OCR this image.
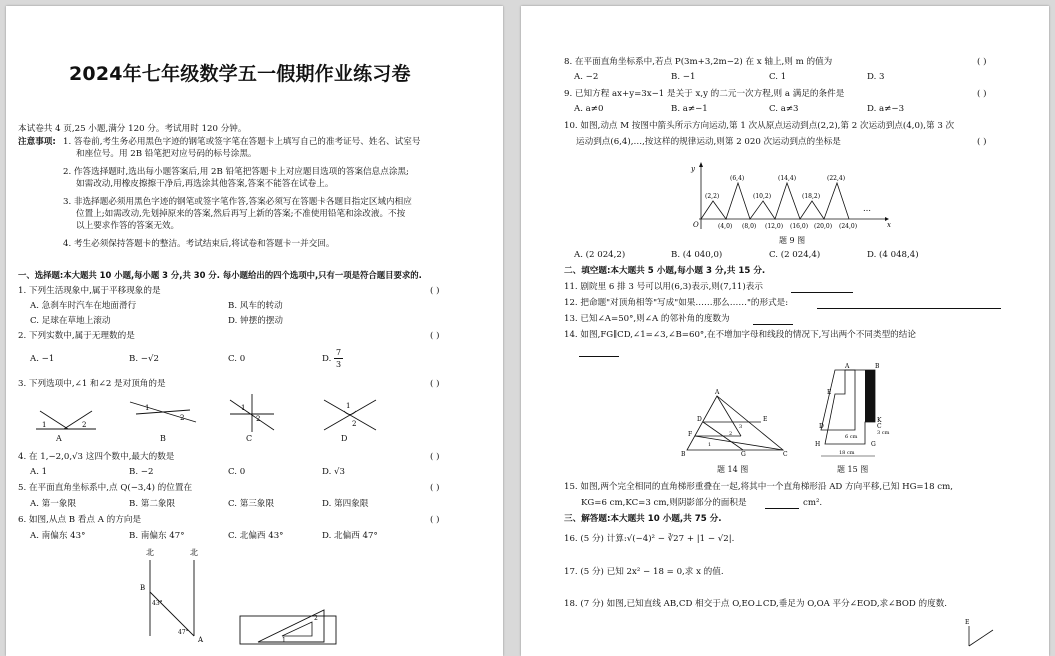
2024年七年级数学五一假期作业练习卷
本试卷共 4 页,25 小题,满分 120 分。考试用时 120 分钟。
注意事项: 1. 答卷前,考生务必用黑色字迹的钢笔或签字笔在答题卡上填写自己的准考证号、姓名、试室号
和座位号。用 2B 铅笔把对应号码的标号涂黑。
2. 作答选择题时,选出每小题答案后,用 2B 铅笔把答题卡上对应题目选项的答案信息点涂黑;
如需改动,用橡皮擦擦干净后,再选涂其他答案,答案不能答在试卷上。
3. 非选择题必须用黑色字迹的钢笔或签字笔作答,答案必须写在答题卡各题目指定区域内相应
位置上;如需改动,先划掉原来的答案,然后再写上新的答案;不准使用铅笔和涂改液。不按
以上要求作答的答案无效。
4. 考生必须保持答题卡的整洁。考试结束后,将试卷和答题卡一并交回。
一、选择题:本大题共 10 小题,每小题 3 分,共 30 分. 每小题给出的四个选项中,只有一项是符合题目要求的.
1. 下列生活现象中,属于平移现象的是	( )
A. 急刹车时汽车在地面滑行	B. 风车的转动
C. 足球在草地上滚动	D. 钟摆的摆动
2. 下列实数中,属于无理数的是	( )
A. −1	B. −√2	C. 0	D.
7
3
3. 下列选项中,∠1 和∠2 是对顶角的是	( )
1	2
A
1
2
B
1
2
C
1
2
D
4. 在 1,−2,0,√3 这四个数中,最大的数是	( )
A. 1	B. −2	C. 0	D. √3
5. 在平面直角坐标系中,点 Q(−3,4) 的位置在	( )
A. 第一象限	B. 第二象限	C. 第三象限	D. 第四象限
6. 如图,从点 B 看点 A 的方向是	( )
A. 南偏东 43°	B. 南偏东 47°	C. 北偏西 43°	D. 北偏西 47°
北	北
B
A
43°
47°
2
1
8. 在平面直角坐标系中,若点 P(3m+3,2m−2) 在 x 轴上,则 m 的值为	( )
A. −2	B. −1	C. 1	D. 3
9. 已知方程 ax+y=3x−1 是关于 x,y 的二元一次方程,则 a 满足的条件是	( )
A. a≠0	B. a≠−1	C. a≠3	D. a≠−3
10. 如图,动点 M 按图中箭头所示方向运动,第 1 次从原点运动到点(2,2),第 2 次运动到点(4,0),第 3 次
运动到点(6,4),…,按这样的规律运动,则第 2 020 次运动到点的坐标是	( )
y
x
O
…
(2,2)
(6,4)
(10,2)
(14,4)
(18,2)
(22,4)
(4,0) (8,0) (12,0) (16,0) (20,0) (24,0)
题 9 图
A. (2 024,2)	B. (4 040,0)	C. (2 024,4)	D. (4 048,4)
二、填空题:本大题共 5 小题,每小题 3 分,共 15 分.
11. 剧院里 6 排 3 号可以用(6,3)表示,则(7,11)表示
12. 把命题"对顶角相等"写成"如果……那么……"的形式是:
13. 已知∠A=50°,则∠A 的邻补角的度数为
14. 如图,FG∥CD,∠1=∠3,∠B=60°,在不增加字母和线段的情况下,写出两个不同类型的结论
A
B	C
D	E
F
G
1
2
3
题 14 图
A	B
C
D
E
H	G
K
6 cm
3 cm
18 cm
题 15 图
15. 如图,两个完全相同的直角梯形重叠在一起,将其中一个直角梯形沿 AD 方向平移,已知 HG=18 cm,
KG=6 cm,KC=3 cm,则阴影部分的面积是	cm².
三、解答题:本大题共 10 小题,共 75 分.
16. (5 分) 计算:√(−4)² − ∛27 + |1 − √2|.
17. (5 分) 已知 2x² − 18 = 0,求 x 的值.
18. (7 分) 如图,已知直线 AB,CD 相交于点 O,EO⊥CD,垂足为 O,OA 平分∠EOD,求∠BOD 的度数.
E
